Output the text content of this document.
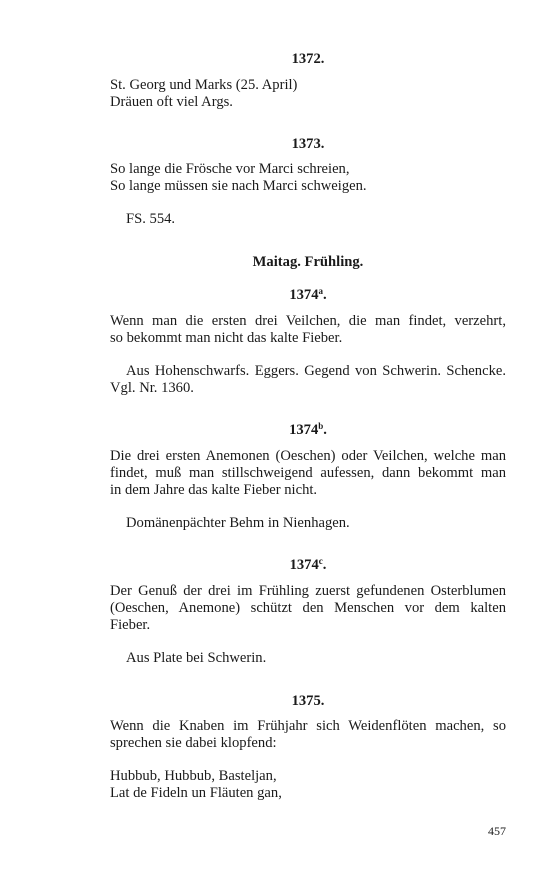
1372.
St. Georg und Marks (25. April)
Dräuen oft viel Args.
1373.
So lange die Frösche vor Marci schreien,
So lange müssen sie nach Marci schweigen.
FS. 554.
Maitag. Frühling.
1374$^a$.
Wenn man die ersten drei Veilchen, die man findet, verzehrt,
so bekommt man nicht das kalte Fieber.
Aus Hohenschwarfs. Eggers. Gegend von Schwerin. Schencke.
Vgl. Nr. 1360.
1374$^b$.
Die drei ersten Anemonen (Oeschen) oder Veilchen, welche man
findet, muß man stillschweigend aufessen, dann bekommt man
in dem Jahre das kalte Fieber nicht.
Domänenpächter Behm in Nienhagen.
1374$^c$.
Der Genuß der drei im Frühling zuerst gefundenen Osterblumen
(Oeschen, Anemone) schützt den Menschen vor dem kalten
Fieber.
Aus Plate bei Schwerin.
1375.
Wenn die Knaben im Frühjahr sich Weidenflöten machen, so
sprechen sie dabei klopfend:
Hubbub, Hubbub, Basteljan,
Lat de Fideln un Fläuten gan,
457
